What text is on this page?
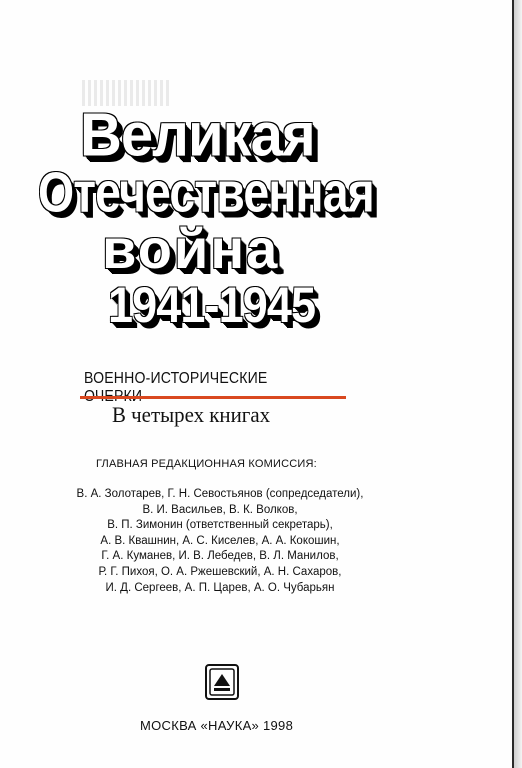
Великая
Отечественная
война
1941-1945
ВОЕННО-ИСТОРИЧЕСКИЕ
В четырех книгах
ГЛАВНАЯ РЕДАКЦИОННАЯ КОМИССИЯ:
В. А. Золотарев, Г. Н. Севостьянов (сопредседатели),
В. И. Васильев, В. К. Волков,
В. П. Зимонин (ответственный секретарь),
А. В. Квашнин, А. С. Киселев, А. А. Кокошин,
Г. А. Куманев, И. В. Лебедев, В. Л. Манилов,
Р. Г. Пихоя, О. А. Ржешевский, А. Н. Сахаров,
И. Д. Сергеев, А. П. Царев, А. О. Чубарьян
МОСКВА «НАУКА» 1998
